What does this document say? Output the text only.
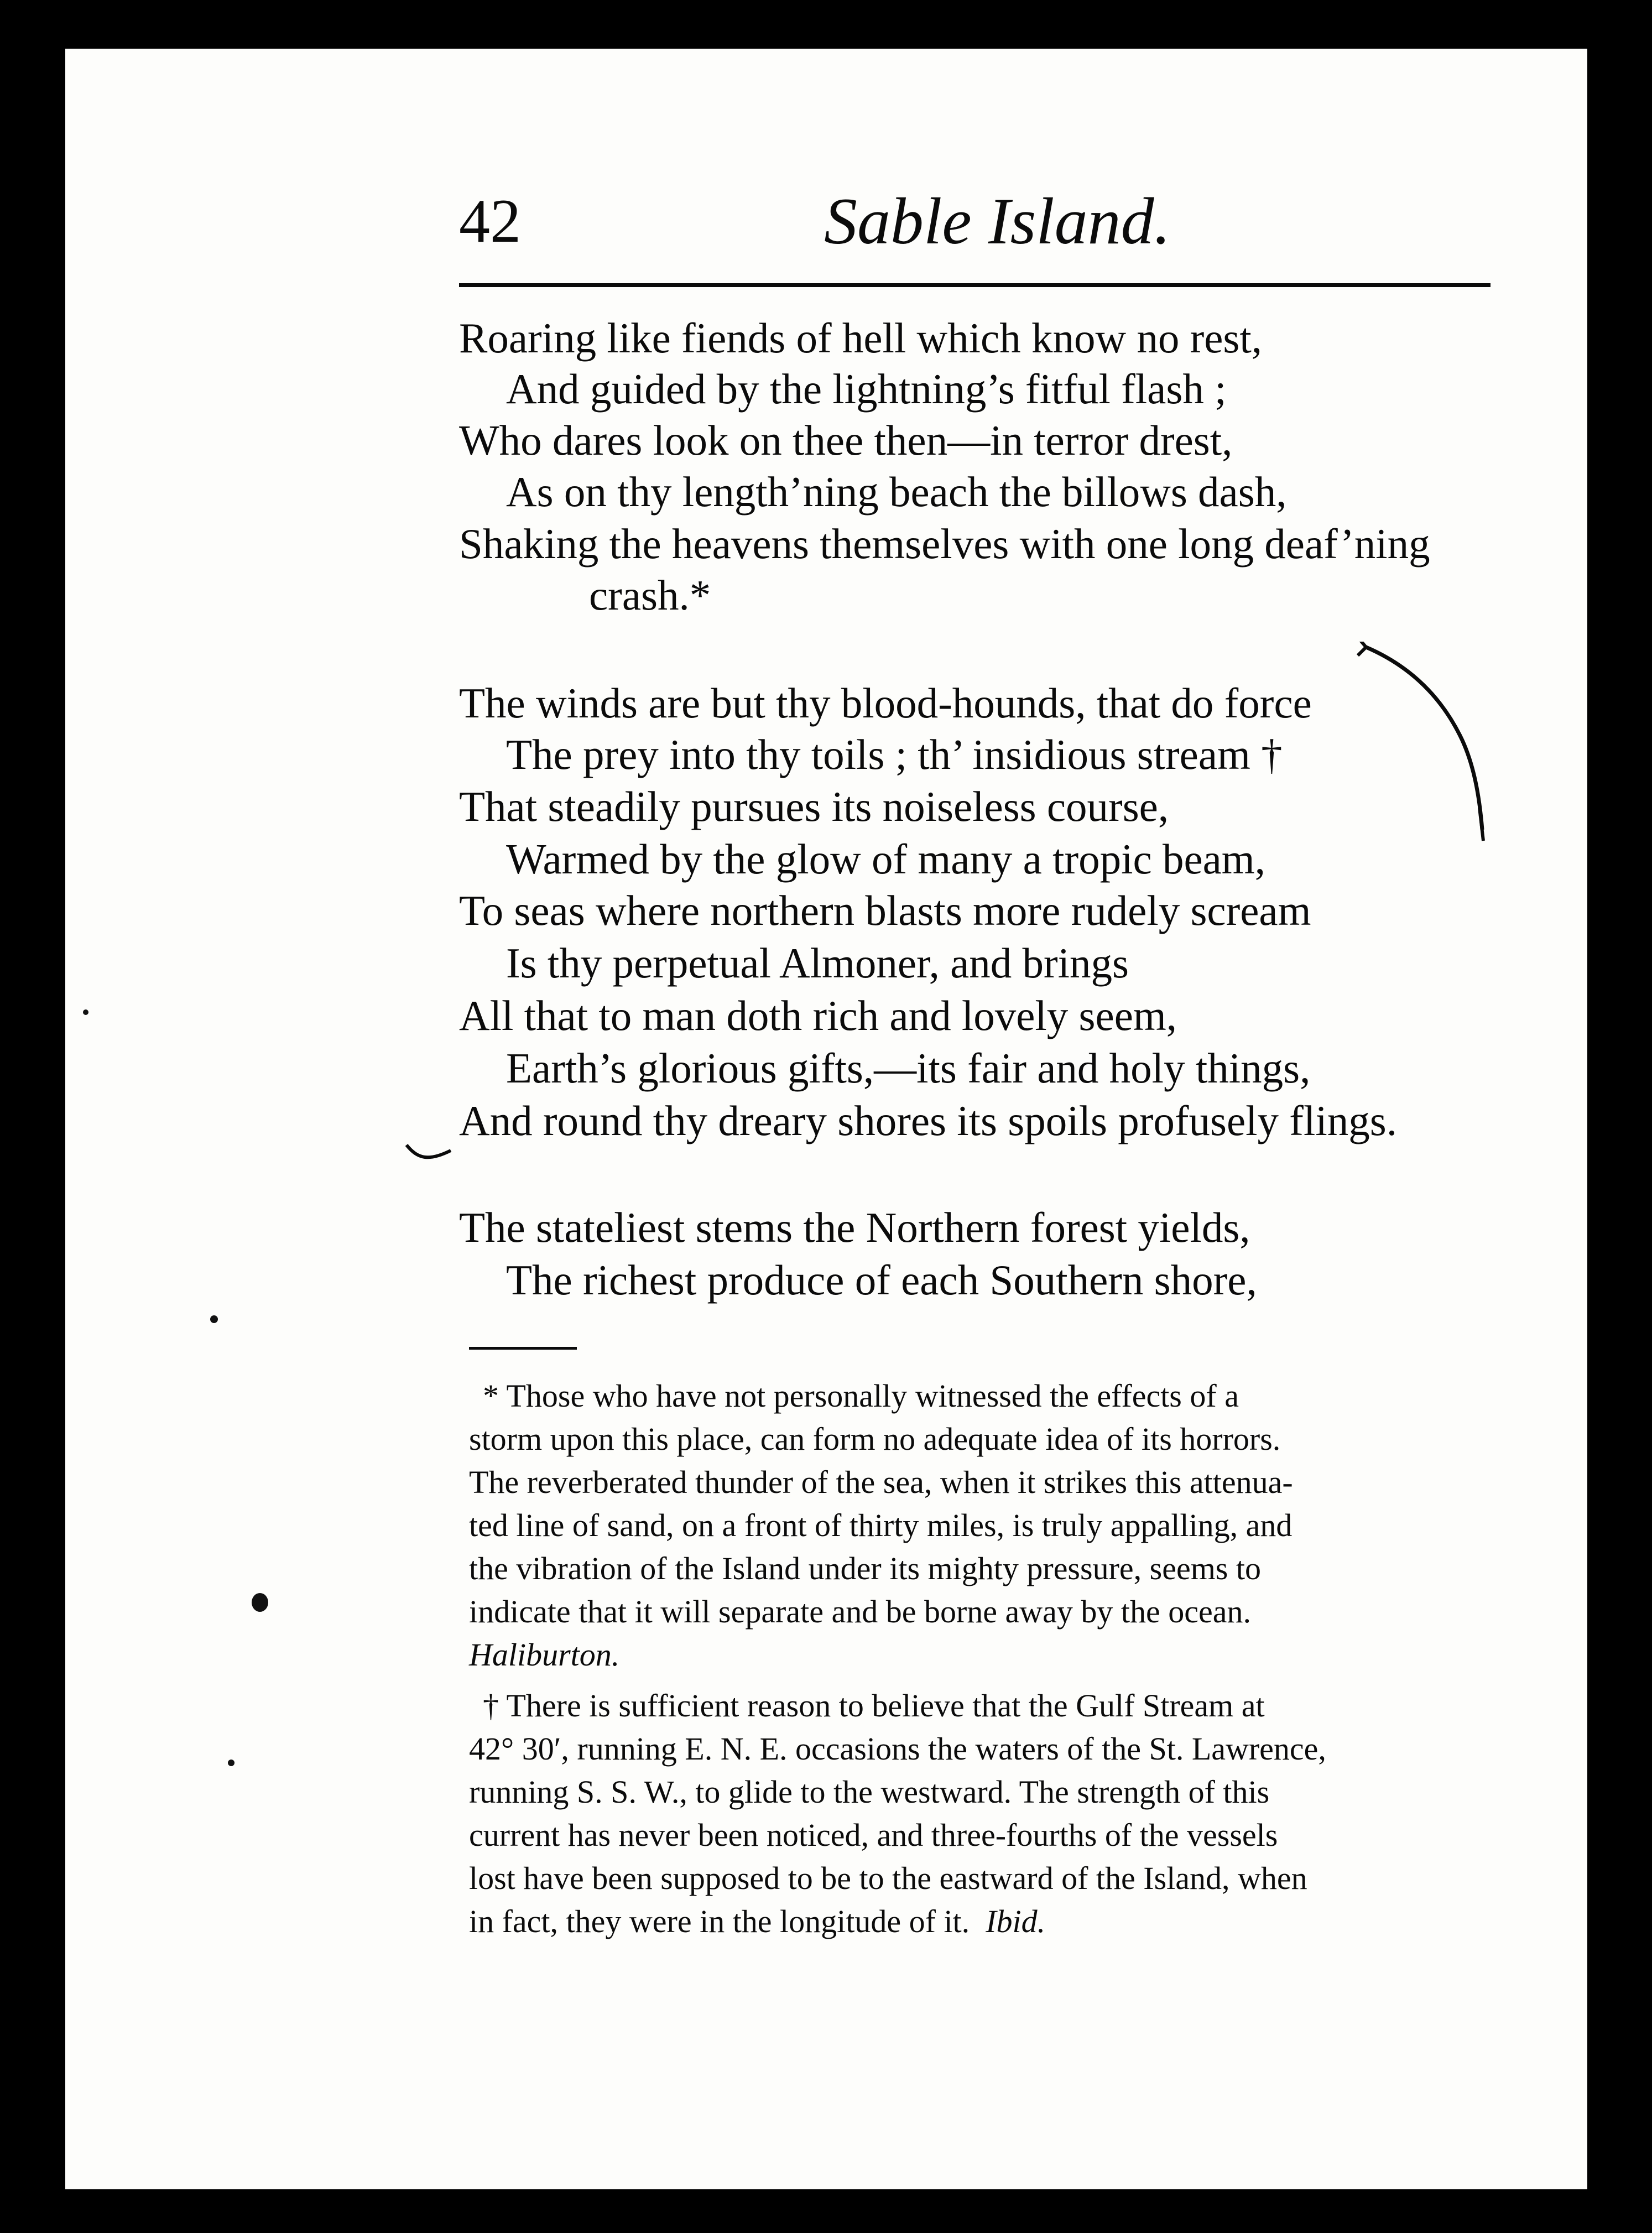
42	Sable Island.
Roaring like fiends of hell which know no rest,
And guided by the lightning’s fitful flash ;
Who dares look on thee then—in terror drest,
As on thy length’ning beach the billows dash,
Shaking the heavens themselves with one long deaf’ning
crash.*
The winds are but thy blood-hounds, that do force
The prey into thy toils ; th’ insidious stream †
That steadily pursues its noiseless course,
Warmed by the glow of many a tropic beam,
To seas where northern blasts more rudely scream
Is thy perpetual Almoner, and brings
All that to man doth rich and lovely seem,
Earth’s glorious gifts,—its fair and holy things,
And round thy dreary shores its spoils profusely flings.
The stateliest stems the Northern forest yields,
The richest produce of each Southern shore,
* Those who have not personally witnessed the effects of a
storm upon this place, can form no adequate idea of its horrors.
The reverberated thunder of the sea, when it strikes this attenua-
ted line of sand, on a front of thirty miles, is truly appalling, and
the vibration of the Island under its mighty pressure, seems to
indicate that it will separate and be borne away by the ocean.
Haliburton.
† There is sufficient reason to believe that the Gulf Stream at
42° 30′, running E. N. E. occasions the waters of the St. Lawrence,
running S. S. W., to glide to the westward. The strength of this
current has never been noticed, and three-fourths of the vessels
lost have been supposed to be to the eastward of the Island, when
in fact, they were in the longitude of it. Ibid.
